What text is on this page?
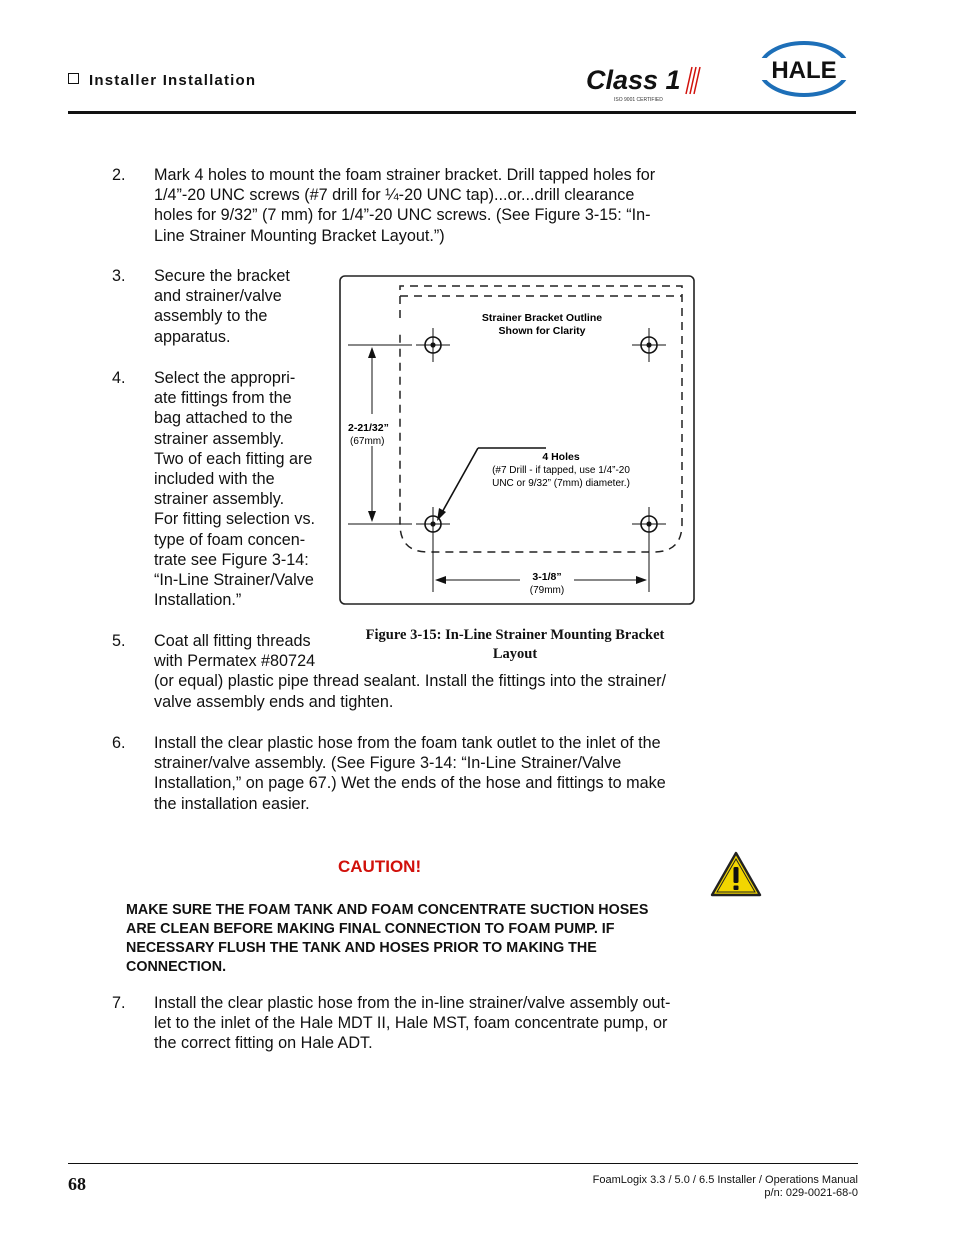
Installer Installation	Class 1
ISO 9001 CERTIFIED
HALE
2. Mark 4 holes to mount the foam strainer bracket. Drill tapped holes for
1/4”-20 UNC screws (#7 drill for ¼-20 UNC tap)...or...drill clearance
holes for 9/32” (7 mm) for 1/4”-20 UNC screws. (See Figure 3-15: “In-
Line Strainer Mounting Bracket Layout.”)
3. Secure the bracket
and strainer/valve
assembly to the
apparatus.
4. Select the appropri-
ate fittings from the
bag attached to the
strainer assembly.
Two of each fitting are
included with the
strainer assembly.
For fitting selection vs.
type of foam concen-
trate see Figure 3-14:
“In-Line Strainer/Valve
Installation.”
Strainer Bracket Outline
Shown for Clarity
2-21/32”
(67mm)
3-1/8”
(79mm)
4 Holes
(#7 Drill - if tapped, use 1/4”-20
UNC or 9/32” (7mm) diameter.)
Figure 3-15: In-Line Strainer Mounting Bracket
Layout
5. Coat all fitting threads
with Permatex #80724
(or equal) plastic pipe thread sealant. Install the fittings into the strainer/
valve assembly ends and tighten.
6. Install the clear plastic hose from the foam tank outlet to the inlet of the
strainer/valve assembly. (See Figure 3-14: “In-Line Strainer/Valve
Installation,” on page 67.) Wet the ends of the hose and fittings to make
the installation easier.
CAUTION!
MAKE SURE THE FOAM TANK AND FOAM CONCENTRATE SUCTION HOSES
ARE CLEAN BEFORE MAKING FINAL CONNECTION TO FOAM PUMP. IF
NECESSARY FLUSH THE TANK AND HOSES PRIOR TO MAKING THE
CONNECTION.
7. Install the clear plastic hose from the in-line strainer/valve assembly out-
let to the inlet of the Hale MDT II, Hale MST, foam concentrate pump, or
the correct fitting on Hale ADT.
68	FoamLogix 3.3 / 5.0 / 6.5 Installer / Operations Manual
p/n: 029-0021-68-0
